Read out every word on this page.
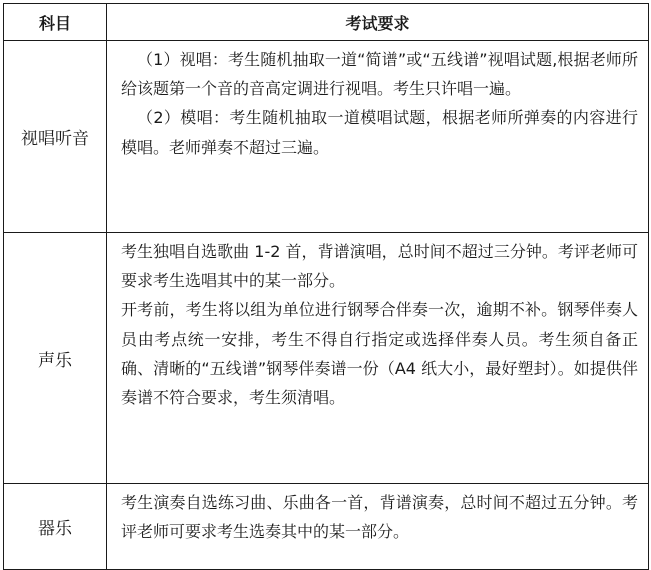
科目	考试要求
视唱听音	（1）视唱：考生随机抽取一道“简谱”或“五线谱”视唱试题,根据老师所给该题第一个音的音高定调进行视唱。考生只许唱一遍。

（2）模唱：考生随机抽取一道模唱试题，根据老师所弹奏的内容进行模唱。老师弹奏不超过三遍。

声乐	考生独唱自选歌曲 1-2 首，背谱演唱，总时间不超过三分钟。考评老师可要求考生选唱其中的某一部分。

开考前，考生将以组为单位进行钢琴合伴奏一次，逾期不补。钢琴伴奏人员由考点统一安排，考生不得自行指定或选择伴奏人员。考生须自备正确、清晰的“五线谱”钢琴伴奏谱一份（A4 纸大小，最好塑封）。如提供伴奏谱不符合要求，考生须清唱。

器乐	考生演奏自选练习曲、乐曲各一首，背谱演奏，总时间不超过五分钟。考评老师可要求考生选奏其中的某一部分。
